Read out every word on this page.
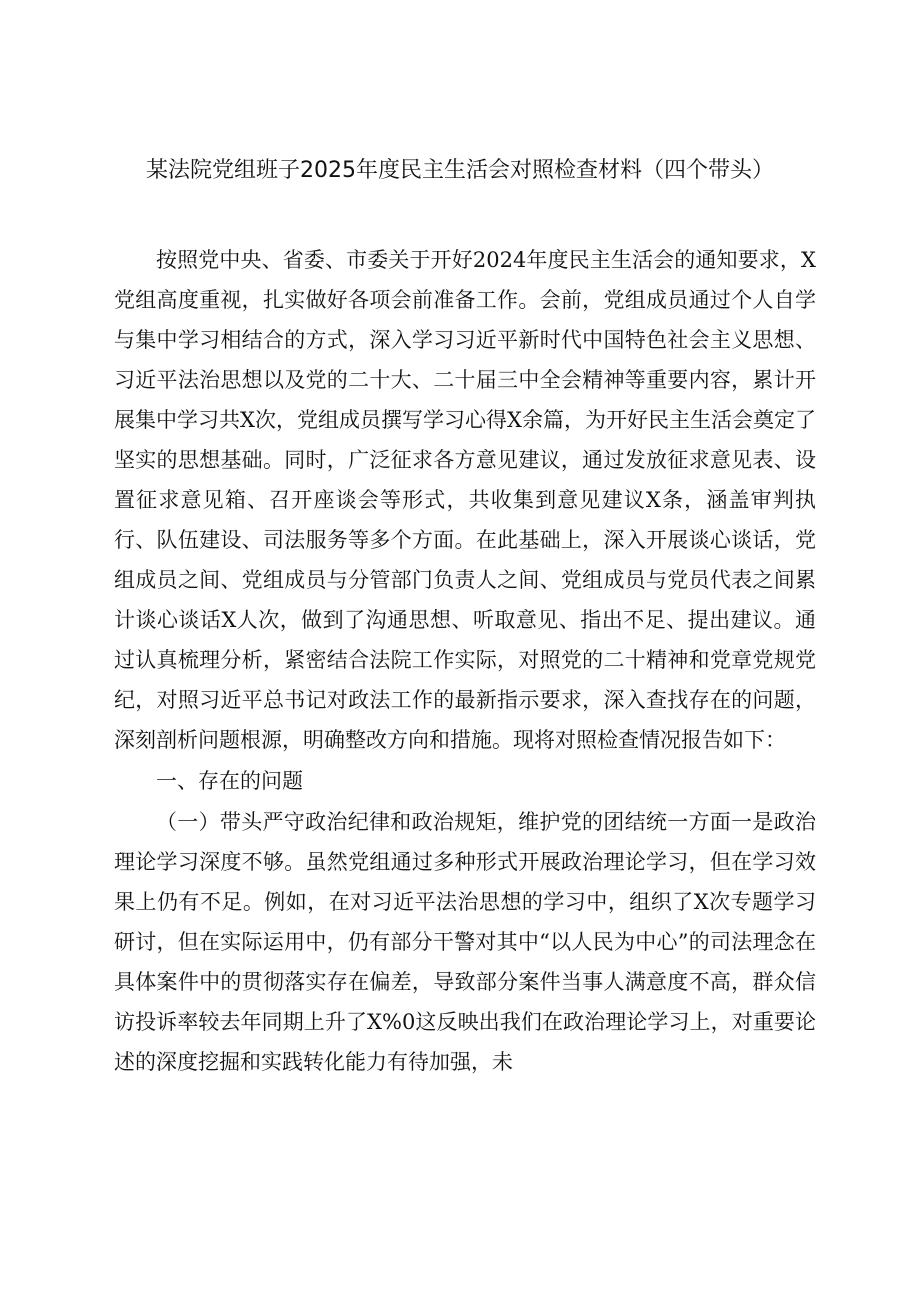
某法院党组班子2025年度民主生活会对照检查材料（四个带头）

按照党中央、省委、市委关于开好2024年度民主生活会的通知要求，X党组高度重视，扎实做好各项会前准备工作。会前，党组成员通过个人自学与集中学习相结合的方式，深入学习习近平新时代中国特色社会主义思想、习近平法治思想以及党的二十大、二十届三中全会精神等重要内容，累计开展集中学习共X次，党组成员撰写学习心得X余篇，为开好民主生活会奠定了坚实的思想基础。同时，广泛征求各方意见建议，通过发放征求意见表、设置征求意见箱、召开座谈会等形式，共收集到意见建议X条，涵盖审判执行、队伍建设、司法服务等多个方面。在此基础上，深入开展谈心谈话，党组成员之间、党组成员与分管部门负责人之间、党组成员与党员代表之间累计谈心谈话X人次，做到了沟通思想、听取意见、指出不足、提出建议。通过认真梳理分析，紧密结合法院工作实际，对照党的二十精神和党章党规党纪，对照习近平总书记对政法工作的最新指示要求，深入查找存在的问题，深刻剖析问题根源，明确整改方向和措施。现将对照检查情况报告如下：

一、存在的问题

（一）带头严守政治纪律和政治规矩，维护党的团结统一方面一是政治理论学习深度不够。虽然党组通过多种形式开展政治理论学习，但在学习效果上仍有不足。例如，在对习近平法治思想的学习中，组织了X次专题学习研讨，但在实际运用中，仍有部分干警对其中“以人民为中心”的司法理念在具体案件中的贯彻落实存在偏差，导致部分案件当事人满意度不高，群众信访投诉率较去年同期上升了X%0这反映出我们在政治理论学习上，对重要论述的深度挖掘和实践转化能力有待加强，未
